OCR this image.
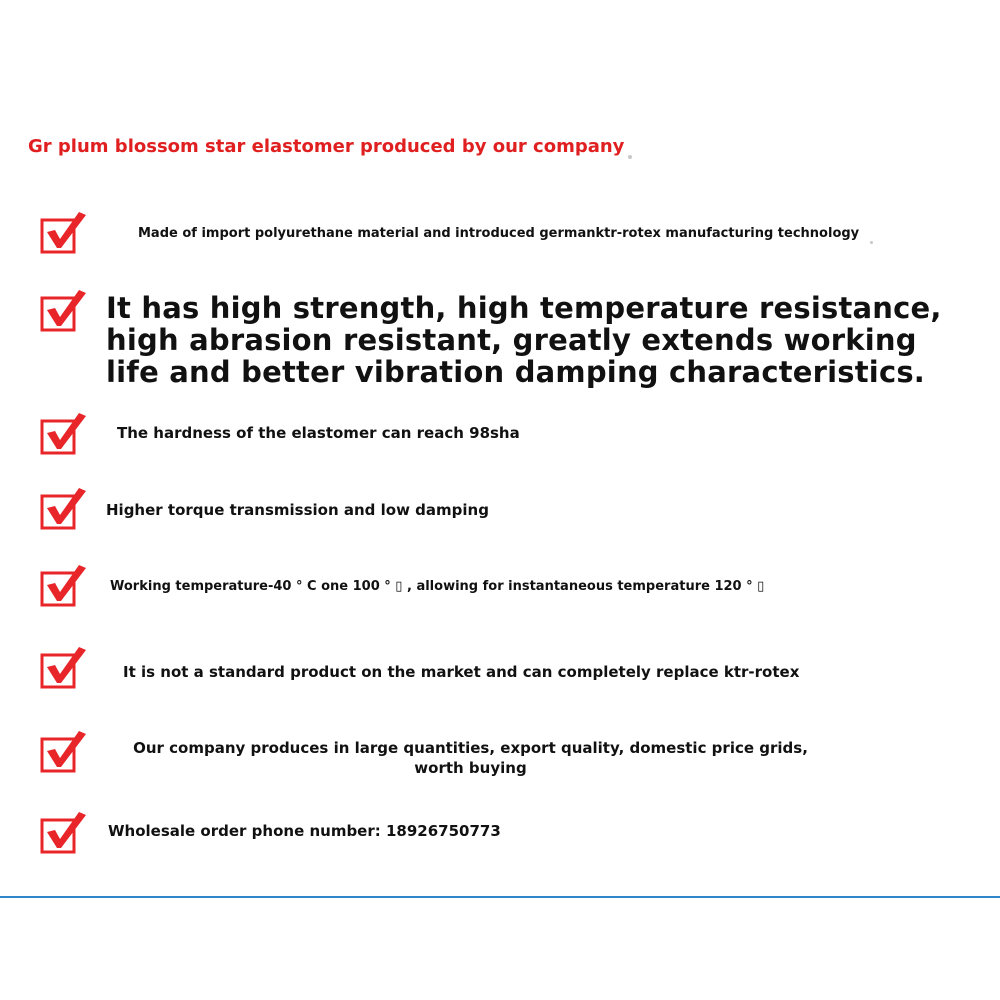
Gr plum blossom star elastomer produced by our company
Made of import polyurethane material and introduced germanktr-rotex manufacturing technology
It has high strength, high temperature resistance, high abrasion resistant, greatly extends working life and better vibration damping characteristics.
The hardness of the elastomer can reach 98sha
Higher torque transmission and low damping
Working temperature-40 ° C one 100 ° ▯ , allowing for instantaneous temperature 120 ° ▯
It is not a standard product on the market and can completely replace ktr-rotex
Our company produces in large quantities, export quality, domestic price grids, worth buying
Wholesale order phone number: 18926750773
